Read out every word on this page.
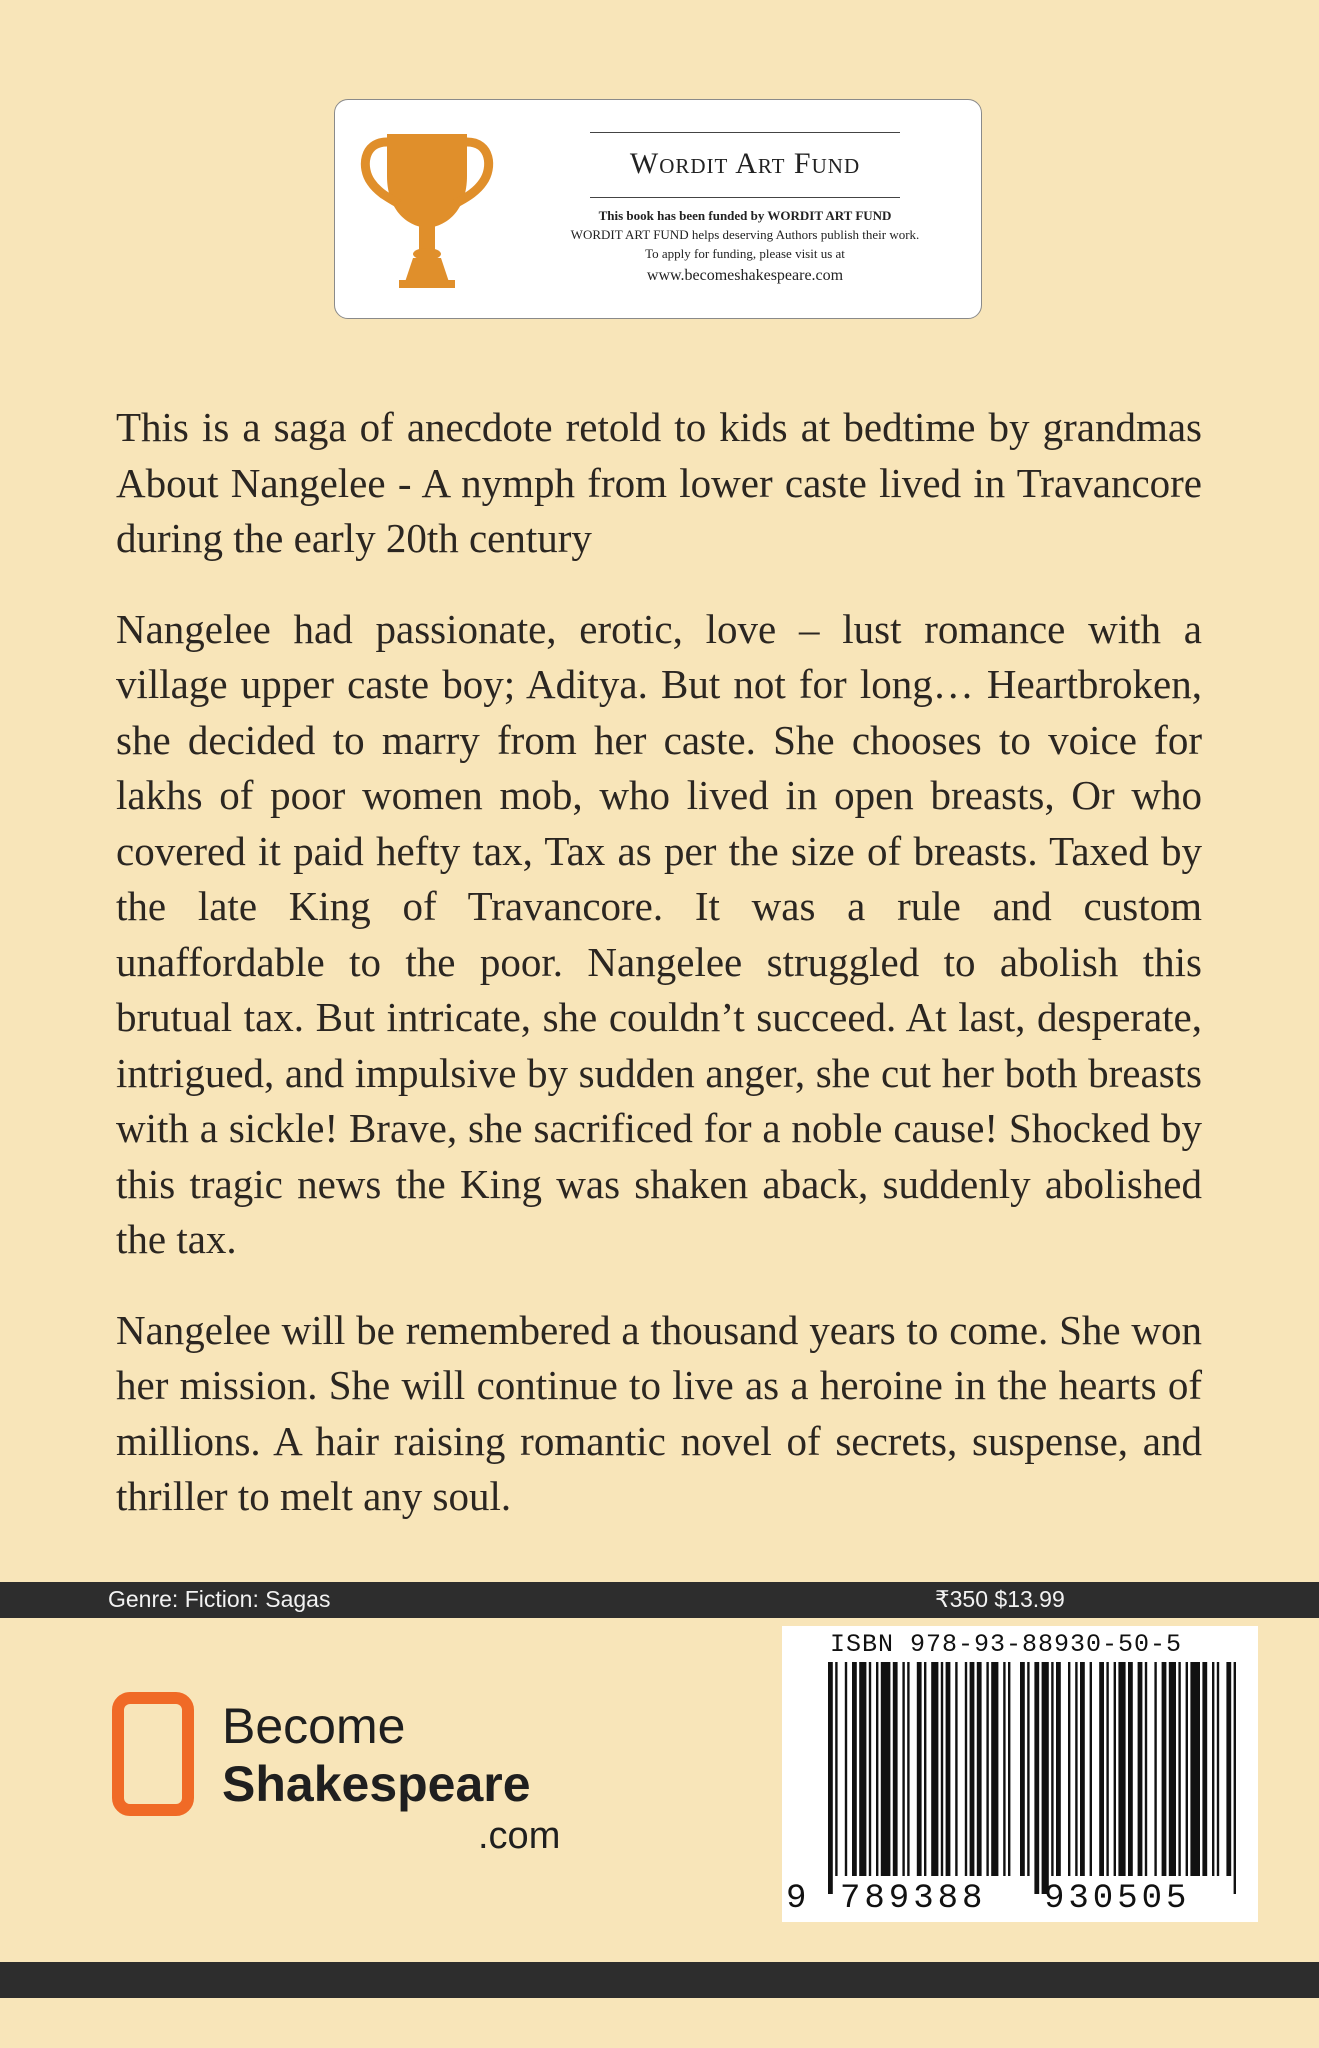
Wordit Art Fund
This book has been funded by WORDIT ART FUND
WORDIT ART FUND helps deserving Authors publish their work.
To apply for funding, please visit us at
www.becomeshakespeare.com

This is a saga of anecdote retold to kids at bedtime by grandmas About Nangelee - A nymph from lower caste lived in Travancore during the early 20th century

Nangelee had passionate, erotic, love – lust romance with a village upper caste boy; Aditya. But not for long… Heartbroken, she decided to marry from her caste. She chooses to voice for lakhs of poor women mob, who lived in open breasts, Or who covered it paid hefty tax, Tax as per the size of breasts. Taxed by the late King of Travancore. It was a rule and custom unaffordable to the poor. Nangelee struggled to abolish this brutual tax. But intricate, she couldn’t succeed. At last, desperate, intrigued, and impulsive by sudden anger, she cut her both breasts with a sickle! Brave, she sacrificed for a noble cause! Shocked by this tragic news the King was shaken aback, suddenly abolished the tax.

Nangelee will be remembered a thousand years to come. She won her mission. She will continue to live as a heroine in the hearts of millions. A hair raising romantic novel of secrets, suspense, and thriller to melt any soul.

Genre: Fiction: Sagas	₹350 $13.99
Become
Shakespeare
.com
ISBN 978-93-88930-50-5
9 789388 930505
